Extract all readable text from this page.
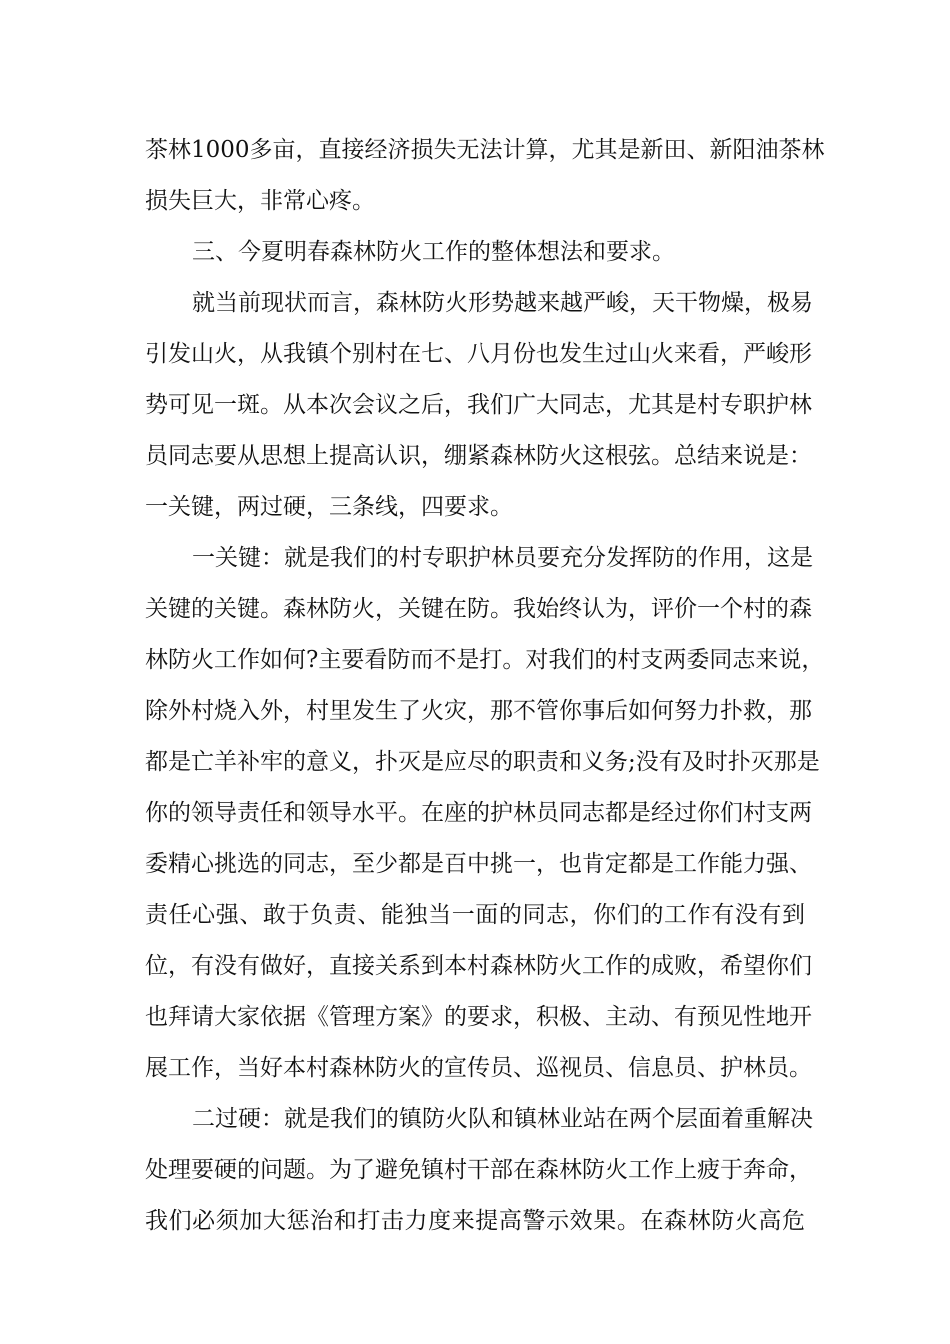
茶林1000多亩，直接经济损失无法计算，尤其是新田、新阳油茶林
损失巨大，非常心疼。
三、今夏明春森林防火工作的整体想法和要求。
就当前现状而言，森林防火形势越来越严峻，天干物燥，极易
引发山火，从我镇个别村在七、八月份也发生过山火来看，严峻形
势可见一斑。从本次会议之后，我们广大同志，尤其是村专职护林
员同志要从思想上提高认识，绷紧森林防火这根弦。总结来说是：
一关键，两过硬，三条线，四要求。
一关键：就是我们的村专职护林员要充分发挥防的作用，这是
关键的关键。森林防火，关键在防。我始终认为，评价一个村的森
林防火工作如何?主要看防而不是打。对我们的村支两委同志来说，
除外村烧入外，村里发生了火灾，那不管你事后如何努力扑救，那
都是亡羊补牢的意义，扑灭是应尽的职责和义务;没有及时扑灭那是
你的领导责任和领导水平。在座的护林员同志都是经过你们村支两
委精心挑选的同志，至少都是百中挑一，也肯定都是工作能力强、
责任心强、敢于负责、能独当一面的同志，你们的工作有没有到
位，有没有做好，直接关系到本村森林防火工作的成败，希望你们
也拜请大家依据《管理方案》的要求，积极、主动、有预见性地开
展工作，当好本村森林防火的宣传员、巡视员、信息员、护林员。
二过硬：就是我们的镇防火队和镇林业站在两个层面着重解决
处理要硬的问题。为了避免镇村干部在森林防火工作上疲于奔命，
我们必须加大惩治和打击力度来提高警示效果。在森林防火高危
